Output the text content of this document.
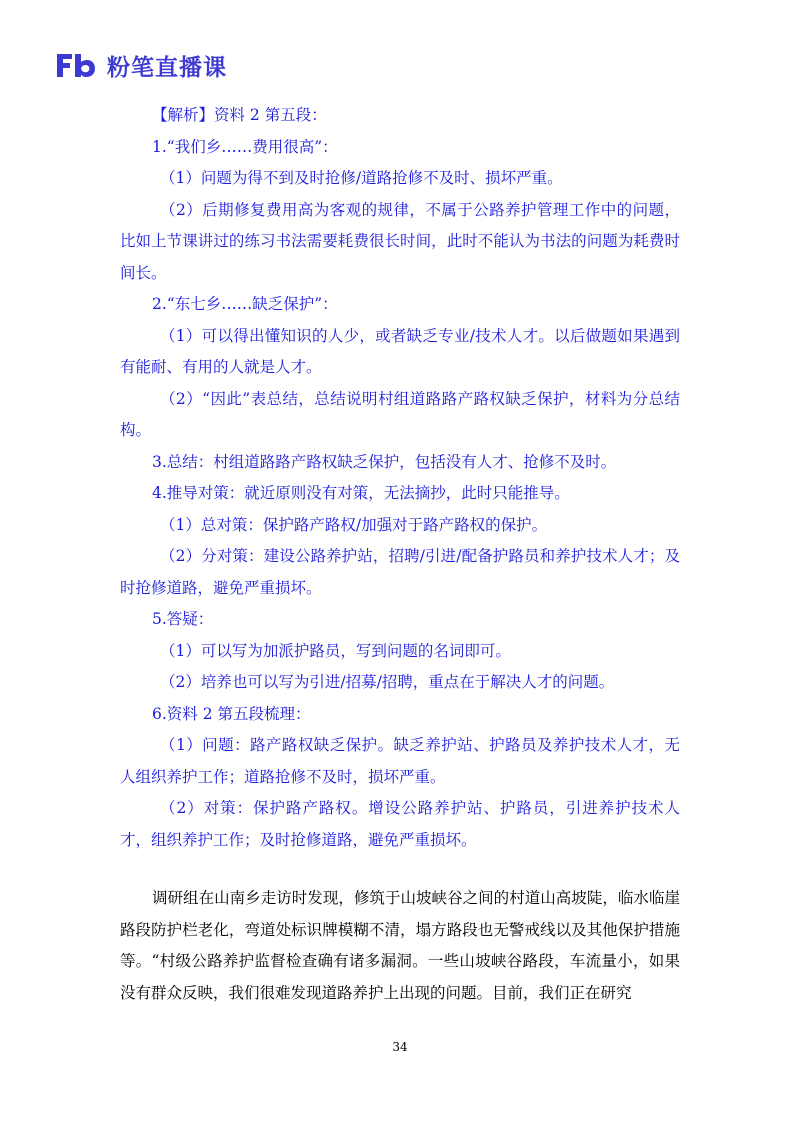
粉笔直播课

【解析】资料 2 第五段：

1.“我们乡……费用很高”：

（1）问题为得不到及时抢修/道路抢修不及时、损坏严重。

（2）后期修复费用高为客观的规律，不属于公路养护管理工作中的问题，比如上节课讲过的练习书法需要耗费很长时间，此时不能认为书法的问题为耗费时间长。

2.“东七乡……缺乏保护”：

（1）可以得出懂知识的人少，或者缺乏专业/技术人才。以后做题如果遇到有能耐、有用的人就是人才。

（2）“因此”表总结，总结说明村组道路路产路权缺乏保护，材料为分总结构。

3.总结：村组道路路产路权缺乏保护，包括没有人才、抢修不及时。

4.推导对策：就近原则没有对策，无法摘抄，此时只能推导。

（1）总对策：保护路产路权/加强对于路产路权的保护。

（2）分对策：建设公路养护站，招聘/引进/配备护路员和养护技术人才；及时抢修道路，避免严重损坏。

5.答疑：

（1）可以写为加派护路员，写到问题的名词即可。

（2）培养也可以写为引进/招募/招聘，重点在于解决人才的问题。

6.资料 2 第五段梳理：

（1）问题：路产路权缺乏保护。缺乏养护站、护路员及养护技术人才，无人组织养护工作；道路抢修不及时，损坏严重。

（2）对策：保护路产路权。增设公路养护站、护路员，引进养护技术人才，组织养护工作；及时抢修道路，避免严重损坏。

调研组在山南乡走访时发现，修筑于山坡峡谷之间的村道山高坡陡，临水临崖路段防护栏老化，弯道处标识牌模糊不清，塌方路段也无警戒线以及其他保护措施等。“村级公路养护监督检查确有诸多漏洞。一些山坡峡谷路段，车流量小，如果没有群众反映，我们很难发现道路养护上出现的问题。目前，我们正在研究

34
